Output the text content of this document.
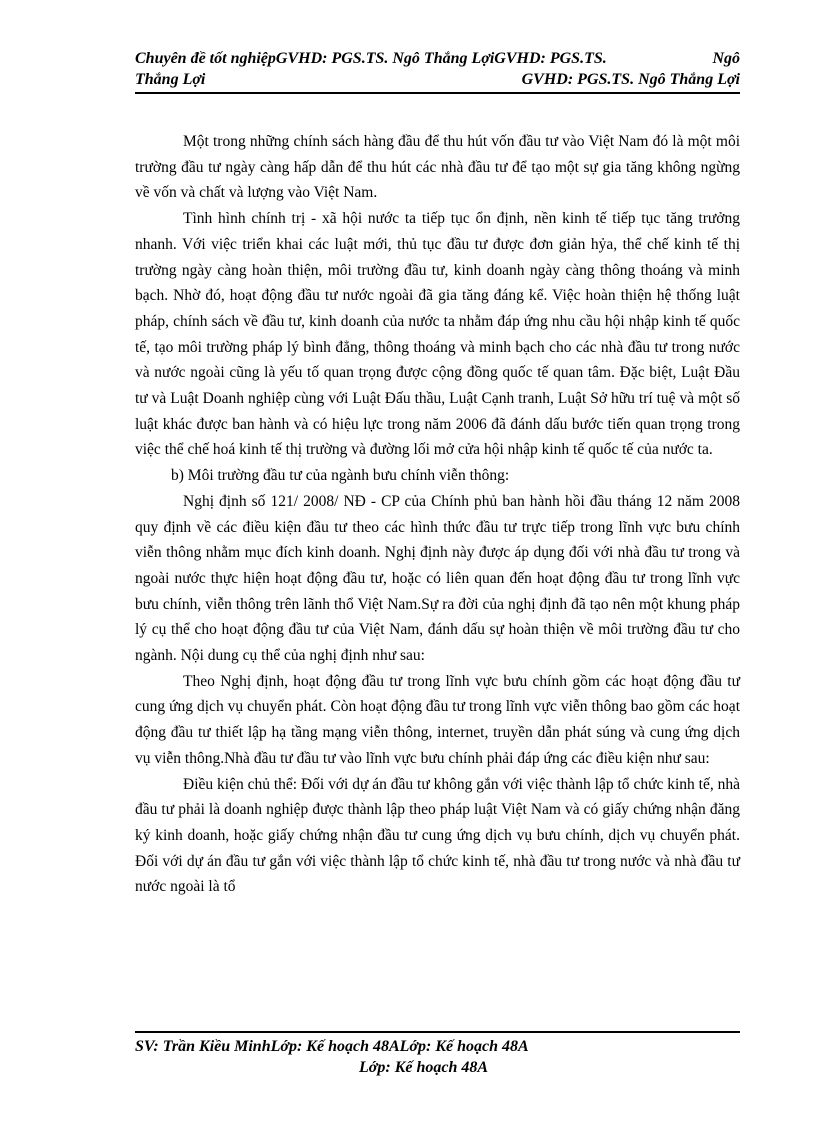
Chuyên đề tốt nghiệpGVHD: PGS.TS. Ngô Thắng LợiGVHD: PGS.TS.	Ngô
Thắng Lợi	GVHD: PGS.TS. Ngô Thắng Lợi

Một trong những chính sách hàng đầu để thu hút vốn đầu tư vào Việt Nam đó là một môi trường đầu tư ngày càng hấp dẫn để thu hút các nhà đầu tư để tạo một sự gia tăng không ngừng về vốn và chất và lượng vào Việt Nam.

Tình hình chính trị - xã hội nước ta tiếp tục ổn định, nền kinh tế tiếp tục tăng trưởng nhanh. Với việc triển khai các luật mới, thủ tục đầu tư được đơn giản hỷa, thể chế kinh tế thị trường ngày càng hoàn thiện, môi trường đầu tư, kinh doanh ngày càng thông thoáng và minh bạch. Nhờ đó, hoạt động đầu tư nước ngoài đã gia tăng đáng kể. Việc hoàn thiện hệ thống luật pháp, chính sách về đầu tư, kinh doanh của nước ta nhằm đáp ứng nhu cầu hội nhập kinh tế quốc tế, tạo môi trường pháp lý bình đẳng, thông thoáng và minh bạch cho các nhà đầu tư trong nước và nước ngoài cũng là yếu tố quan trọng được cộng đồng quốc tế quan tâm. Đặc biệt, Luật Đầu tư và Luật Doanh nghiệp cùng với Luật Đấu thầu, Luật Cạnh tranh, Luật Sở hữu trí tuệ và một số luật khác được ban hành và có hiệu lực trong năm 2006 đã đánh dấu bước tiến quan trọng trong việc thể chế hoá kinh tế thị trường và đường lối mở cửa hội nhập kinh tế quốc tế của nước ta.

b) Môi trường đầu tư của ngành bưu chính viễn thông:

Nghị định số 121/ 2008/ NĐ - CP của Chính phủ ban hành hồi đầu tháng 12 năm 2008 quy định về các điều kiện đầu tư theo các hình thức đầu tư trực tiếp trong lĩnh vực bưu chính viễn thông nhằm mục đích kinh doanh. Nghị định này được áp dụng đối với nhà đầu tư trong và ngoài nước thực hiện hoạt động đầu tư, hoặc có liên quan đến hoạt động đầu tư trong lĩnh vực bưu chính, viễn thông trên lãnh thổ Việt Nam.Sự ra đời của nghị định đã tạo nên một khung pháp lý cụ thể cho hoạt động đầu tư của Việt Nam, đánh dấu sự hoàn thiện về môi trường đầu tư cho ngành. Nội dung cụ thể của nghị định như sau:

Theo Nghị định, hoạt động đầu tư trong lĩnh vực bưu chính gồm các hoạt động đầu tư cung ứng dịch vụ chuyển phát. Còn hoạt động đầu tư trong lĩnh vực viễn thông bao gồm các hoạt động đầu tư thiết lập hạ tầng mạng viễn thông, internet, truyền dẫn phát súng và cung ứng dịch vụ viễn thông.Nhà đầu tư đầu tư vào lĩnh vực bưu chính phải đáp ứng các điều kiện như sau:

Điều kiện chủ thể: Đối với dự án đầu tư không gắn với việc thành lập tổ chức kinh tế, nhà đầu tư phải là doanh nghiệp được thành lập theo pháp luật Việt Nam và có giấy chứng nhận đăng ký kinh doanh, hoặc giấy chứng nhận đầu tư cung ứng dịch vụ bưu chính, dịch vụ chuyển phát. Đối với dự án đầu tư gắn với việc thành lập tổ chức kinh tế, nhà đầu tư trong nước và nhà đầu tư nước ngoài là tổ

SV: Trần Kiều MinhLớp: Kế hoạch 48ALớp: Kế hoạch 48A
Lớp: Kế hoạch 48A
